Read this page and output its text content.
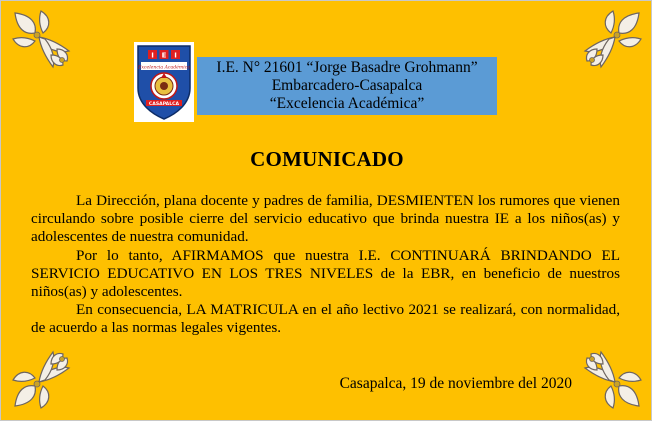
I E I
Excelencia Académica
CASAPALCA
I.E. N° 21601 “Jorge Basadre Grohmann”
Embarcadero-Casapalca
“Excelencia Académica”
COMUNICADO

La Dirección, plana docente y padres de familia, DESMIENTEN los rumores que vienen circulando sobre posible cierre del servicio educativo que brinda nuestra IE a los niños(as) y adolescentes de nuestra comunidad.

Por lo tanto, AFIRMAMOS que nuestra I.E. CONTINUARÁ BRINDANDO EL SERVICIO EDUCATIVO EN LOS TRES NIVELES de la EBR, en beneficio de nuestros niños(as) y adolescentes.

En consecuencia, LA MATRICULA en el año lectivo 2021 se realizará, con normalidad, de acuerdo a las normas legales vigentes.

Casapalca, 19 de noviembre del 2020
